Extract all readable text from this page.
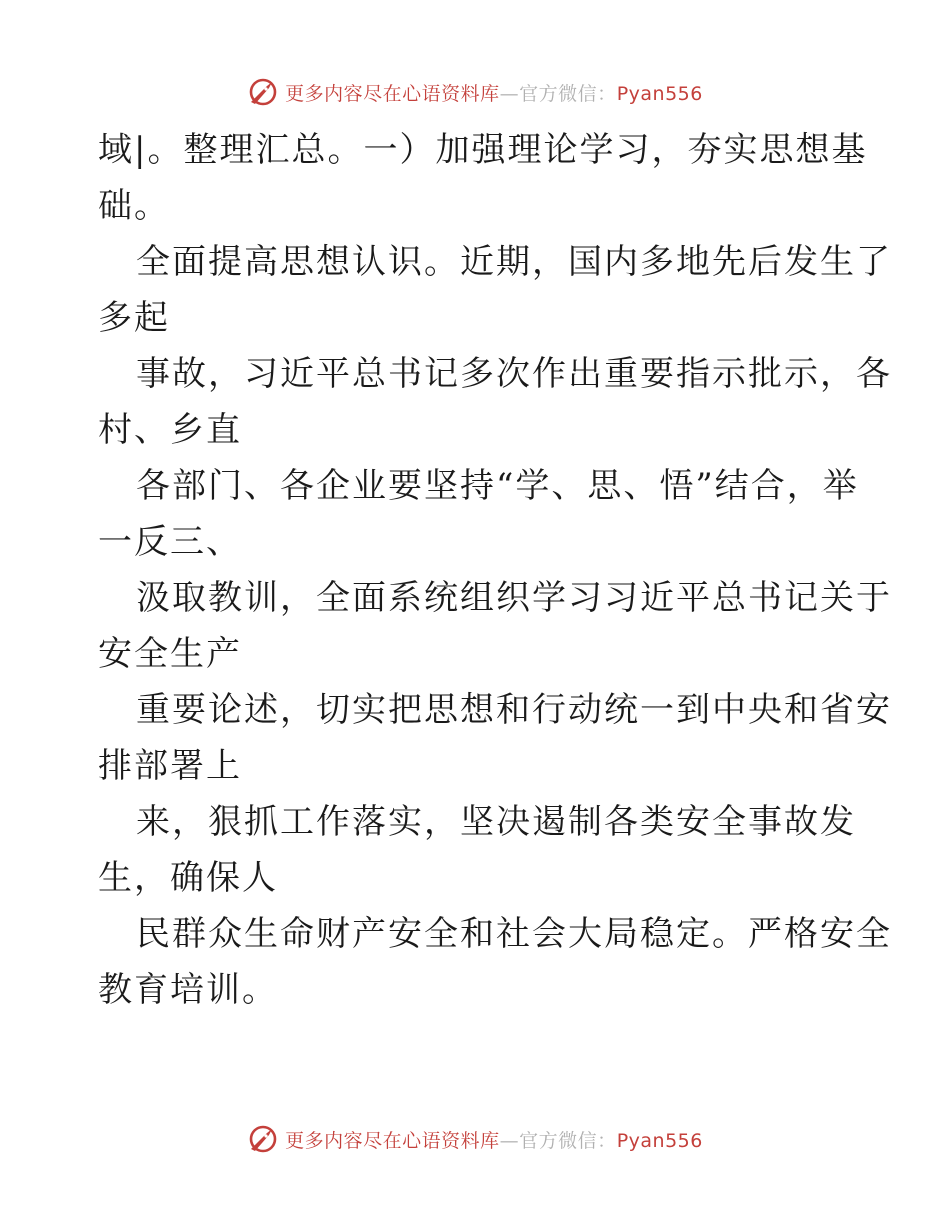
更多内容尽在心语资料库—官方微信：Pyan556
域|。整理汇总。一）加强理论学习，夯实思想基
础。
全面提高思想认识。近期，国内多地先后发生了
多起
事故，习近平总书记多次作出重要指示批示，各
村、乡直
各部门、各企业要坚持“学、思、悟”结合，举
一反三、
汲取教训，全面系统组织学习习近平总书记关于
安全生产
重要论述，切实把思想和行动统一到中央和省安
排部署上
来，狠抓工作落实，坚决遏制各类安全事故发
生，确保人
民群众生命财产安全和社会大局稳定。严格安全
教育培训。
更多内容尽在心语资料库—官方微信：Pyan556
